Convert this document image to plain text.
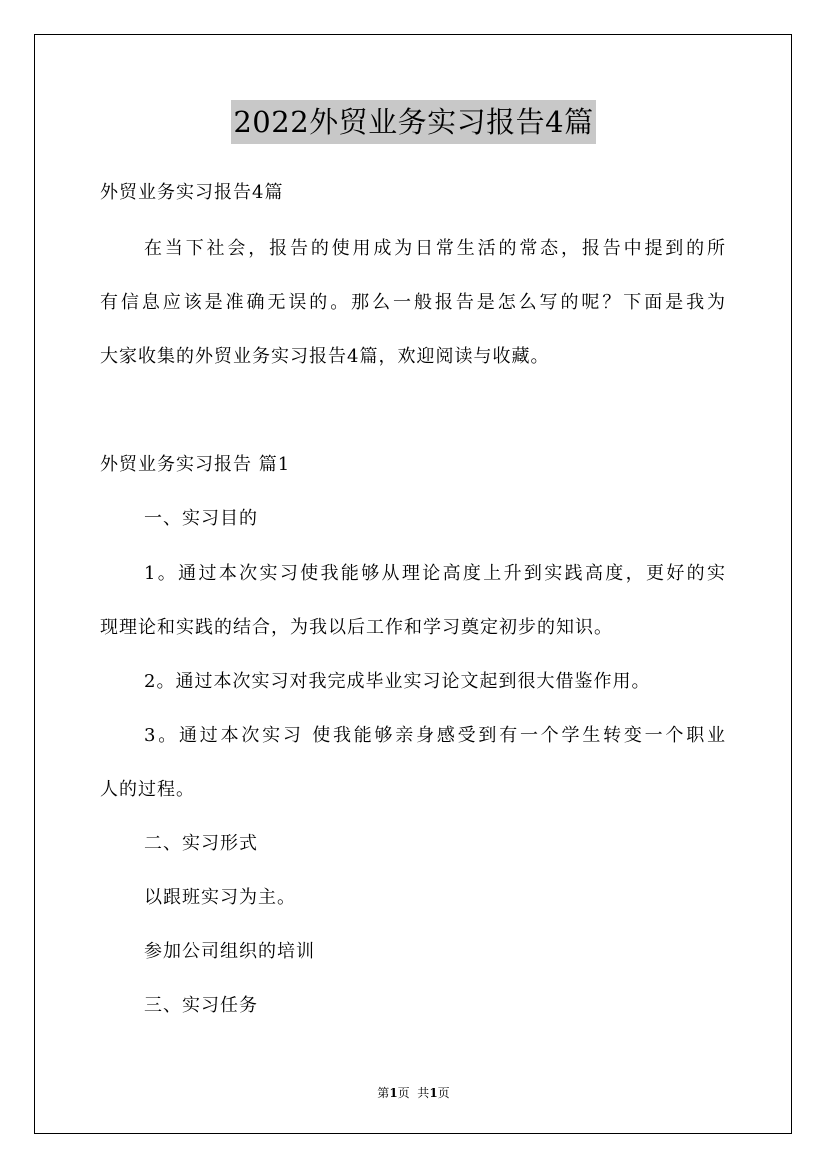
2022外贸业务实习报告4篇
外贸业务实习报告4篇
在当下社会，报告的使用成为日常生活的常态，报告中提到的所
有信息应该是准确无误的。那么一般报告是怎么写的呢？下面是我为
大家收集的外贸业务实习报告4篇，欢迎阅读与收藏。
外贸业务实习报告 篇1
一、实习目的
1。通过本次实习使我能够从理论高度上升到实践高度，更好的实
现理论和实践的结合，为我以后工作和学习奠定初步的知识。
2。通过本次实习对我完成毕业实习论文起到很大借鉴作用。
3。通过本次实习 使我能够亲身感受到有一个学生转变一个职业
人的过程。
二、实习形式
以跟班实习为主。
参加公司组织的培训
三、实习任务
第1页  共1页
